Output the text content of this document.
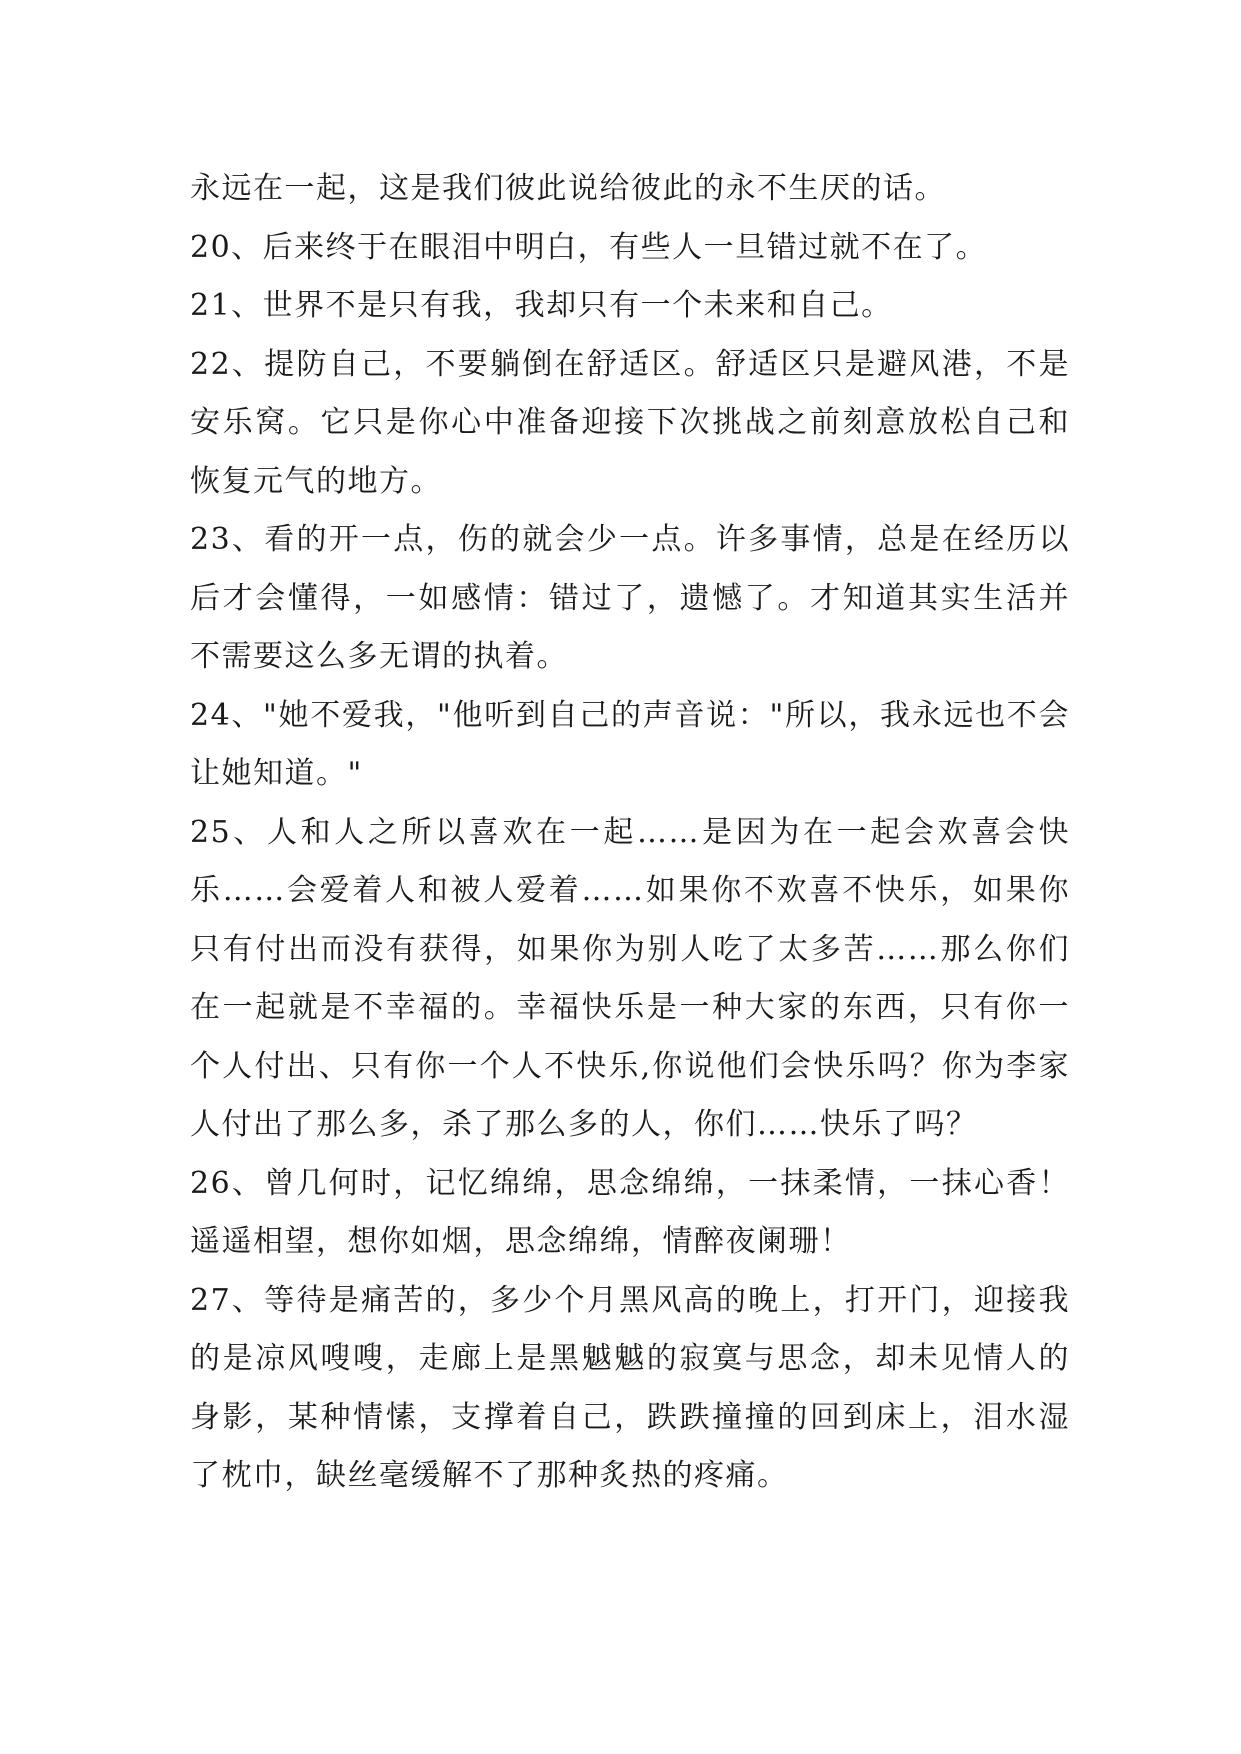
永远在一起，这是我们彼此说给彼此的永不生厌的话。

20、后来终于在眼泪中明白，有些人一旦错过就不在了。

21、世界不是只有我，我却只有一个未来和自己。

22、提防自己，不要躺倒在舒适区。舒适区只是避风港，不是安乐窝。它只是你心中准备迎接下次挑战之前刻意放松自己和恢复元气的地方。

23、看的开一点，伤的就会少一点。许多事情，总是在经历以后才会懂得，一如感情：错过了，遗憾了。才知道其实生活并不需要这么多无谓的执着。

24、"她不爱我，"他听到自己的声音说："所以，我永远也不会让她知道。"

25、人和人之所以喜欢在一起……是因为在一起会欢喜会快乐……会爱着人和被人爱着……如果你不欢喜不快乐，如果你只有付出而没有获得，如果你为别人吃了太多苦……那么你们在一起就是不幸福的。幸福快乐是一种大家的东西，只有你一个人付出、只有你一个人不快乐,你说他们会快乐吗？你为李家人付出了那么多，杀了那么多的人，你们……快乐了吗？

26、曾几何时，记忆绵绵，思念绵绵，一抹柔情，一抹心香！遥遥相望，想你如烟，思念绵绵，情醉夜阑珊！

27、等待是痛苦的，多少个月黑风高的晚上，打开门，迎接我的是凉风嗖嗖，走廊上是黑魆魆的寂寞与思念，却未见情人的身影，某种情愫，支撑着自己，跌跌撞撞的回到床上，泪水湿了枕巾，缺丝毫缓解不了那种炙热的疼痛。
